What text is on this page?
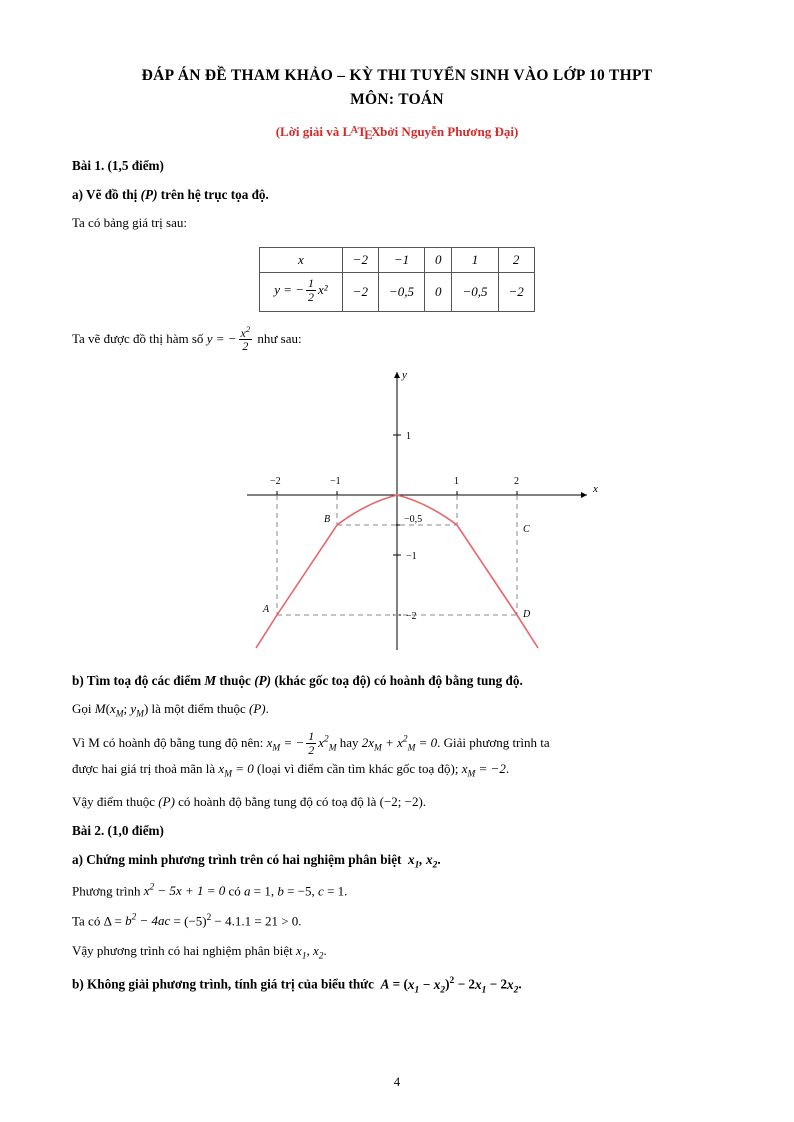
ĐÁP ÁN ĐỀ THAM KHẢO – KỲ THI TUYỂN SINH VÀO LỚP 10 THPT
MÔN: TOÁN
(Lời giải và $L^ATEXbởi$ Nguyễn Phương Đại)
Bài 1. (1,5 điểm)
a) Vẽ đồ thị (P) trên hệ trục tọa độ.

Ta có bảng giá trị sau:

x	−2	−1	0	1	2
y = − $\frac{1}{2} x^2$	−2	−0,5	0	−0,5	−2

Ta vẽ được đồ thị hàm số y = − $\frac{x^2}{2}$ như sau:

x
y
−2	−1	1	2
1
−0,5
−1
−2
A
B
C
D
b) Tìm toạ độ các điểm M thuộc (P) (khác gốc toạ độ) có hoành độ bằng tung độ.

Gọi $M(x_M$; $y_M$) là một điểm thuộc (P).

Vì M có hoành độ bằng tung độ nên: $x_M$ = − $\frac{1}{2} x^2_M$ hay $2x_M + x^2_M = 0$. Giải phương trình ta

được hai giá trị thoả mãn là $x_M = 0$ (loại vì điểm cần tìm khác gốc toạ độ); $x_M = -2$.

Vậy điểm thuộc (P) có hoành độ bằng tung độ có toạ độ là (−2; −2).

Bài 2. (1,0 điểm)
a) Chứng minh phương trình trên có hai nghiệm phân biệt  $x_1$, $x_2$.

Phương trình $x^2 - 5x + 1 = 0$ có a = 1, b = −5, c = 1.

Ta có $\Delta = b^2 - 4ac = (-5)^2 - 4.1.1 = 21 > 0$.

Vậy phương trình có hai nghiệm phân biệt $x_1$, $x_2$.

b) Không giải phương trình, tính giá trị của biểu thức  $A = (x_1 - x_2)^2 - 2x_1 - 2x_2$.
4
